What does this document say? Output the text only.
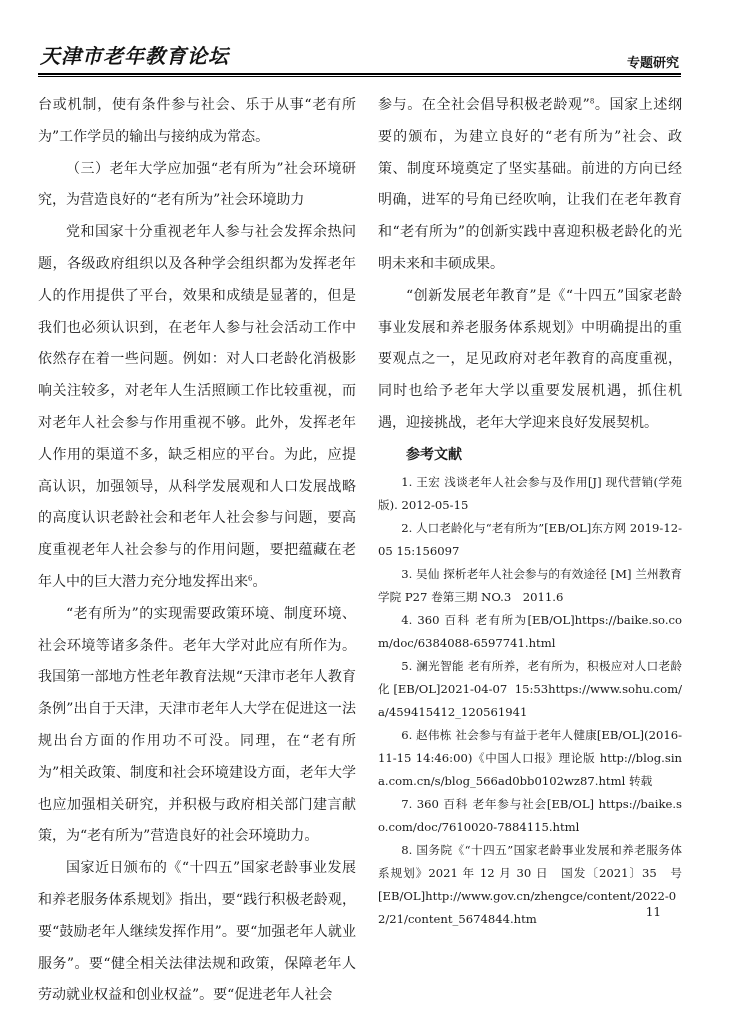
天津市老年教育论坛	专题研究

台或机制，使有条件参与社会、乐于从事“老有所为”工作学员的输出与接纳成为常态。

（三）老年大学应加强“老有所为”社会环境研究，为营造良好的“老有所为”社会环境助力

党和国家十分重视老年人参与社会发挥余热问题，各级政府组织以及各种学会组织都为发挥老年人的作用提供了平台，效果和成绩是显著的，但是我们也必须认识到，在老年人参与社会活动工作中依然存在着一些问题。例如：对人口老龄化消极影响关注较多，对老年人生活照顾工作比较重视，而对老年人社会参与作用重视不够。此外，发挥老年人作用的渠道不多，缺乏相应的平台。为此，应提高认识，加强领导，从科学发展观和人口发展战略的高度认识老龄社会和老年人社会参与问题，要高度重视老年人社会参与的作用问题，要把蕴藏在老年人中的巨大潜力充分地发挥出来$^6$。

“老有所为”的实现需要政策环境、制度环境、社会环境等诸多条件。老年大学对此应有所作为。我国第一部地方性老年教育法规“天津市老年人教育条例”出自于天津，天津市老年人大学在促进这一法规出台方面的作用功不可没。同理，在“老有所为”相关政策、制度和社会环境建设方面，老年大学也应加强相关研究，并积极与政府相关部门建言献策，为“老有所为”营造良好的社会环境助力。

国家近日颁布的《“十四五”国家老龄事业发展和养老服务体系规划》指出，要“践行积极老龄观，要“鼓励老年人继续发挥作用”。要“加强老年人就业服务”。要“健全相关法律法规和政策，保障老年人劳动就业权益和创业权益”。要“促进老年人社会

参与。在全社会倡导积极老龄观”$^8$。国家上述纲要的颁布，为建立良好的“老有所为”社会、政策、制度环境奠定了坚实基础。前进的方向已经明确，进军的号角已经吹响，让我们在老年教育和“老有所为”的创新实践中喜迎积极老龄化的光明未来和丰硕成果。

“创新发展老年教育”是《“十四五”国家老龄事业发展和养老服务体系规划》中明确提出的重要观点之一，足见政府对老年教育的高度重视，同时也给予老年大学以重要发展机遇，抓住机遇，迎接挑战，老年大学迎来良好发展契机。

参考文献

1. 王宏 浅谈老年人社会参与及作用[J] 现代营销(学苑版). 2012-05-15

2. 人口老龄化与“老有所为”[EB/OL]东方网 2019-12-05 15:156097

3. 吴仙 探析老年人社会参与的有效途径 [M] 兰州教育学院 P27 卷第三期 NO.3　2011.6

4. 360 百科 老有所为[EB/OL]https://baike.so.com/doc/6384088-6597741.html

5. 澜光智能 老有所养，老有所为，积极应对人口老龄化[EB/OL]2021-04-07 15:53https://www.sohu.com/a/459415412_120561941

6. 赵伟栋 社会参与有益于老年人健康[EB/OL](2016-11-15 14:46:00)《中国人口报》理论版 http://blog.sina.com.cn/s/blog_566ad0bb0102wz87.html 转载

7. 360 百科 老年参与社会[EB/OL] https://baike.so.com/doc/7610020-7884115.html

8. 国务院《“十四五”国家老龄事业发展和养老服务体系规划》2021 年 12 月 30 日　国发〔2021〕35　号　[EB/OL]http://www.gov.cn/zhengce/content/2022-02/21/content_5674844.htm	11
